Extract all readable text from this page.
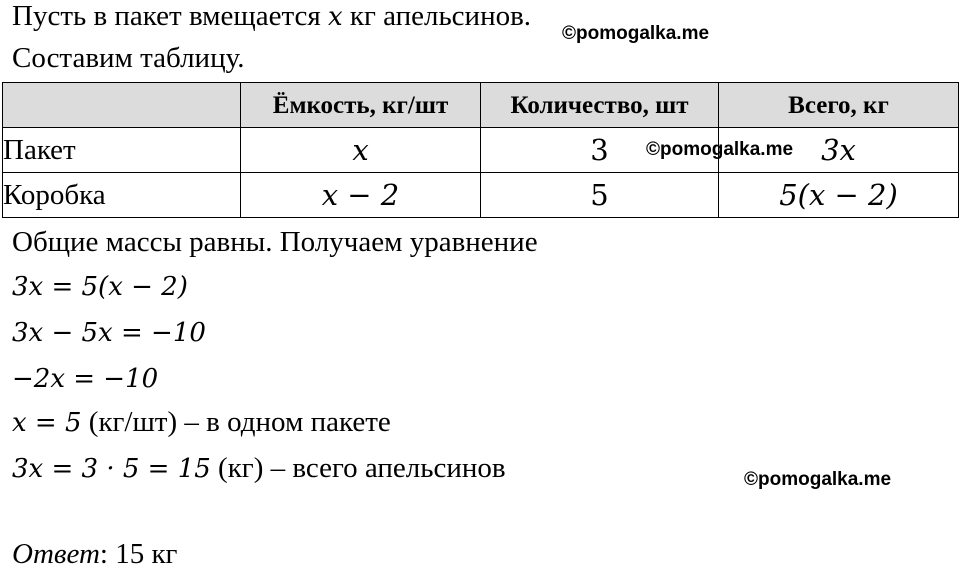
Пусть в пакет вмещается x кг апельсинов.
©pomogalka.me
Составим таблицу.
	Ёмкость, кг/шт	Количество, шт	Всего, кг
Пакет	x	3	3x
Коробка	x − 2	5	5(x − 2)
©pomogalka.me
Общие массы равны. Получаем уравнение
3x = 5(x − 2)
3x − 5x = −10
−2x = −10
x = 5 (кг/шт) – в одном пакете
3x = 3 · 5 = 15 (кг) – всего апельсинов	©pomogalka.me
Ответ: 15 кг
